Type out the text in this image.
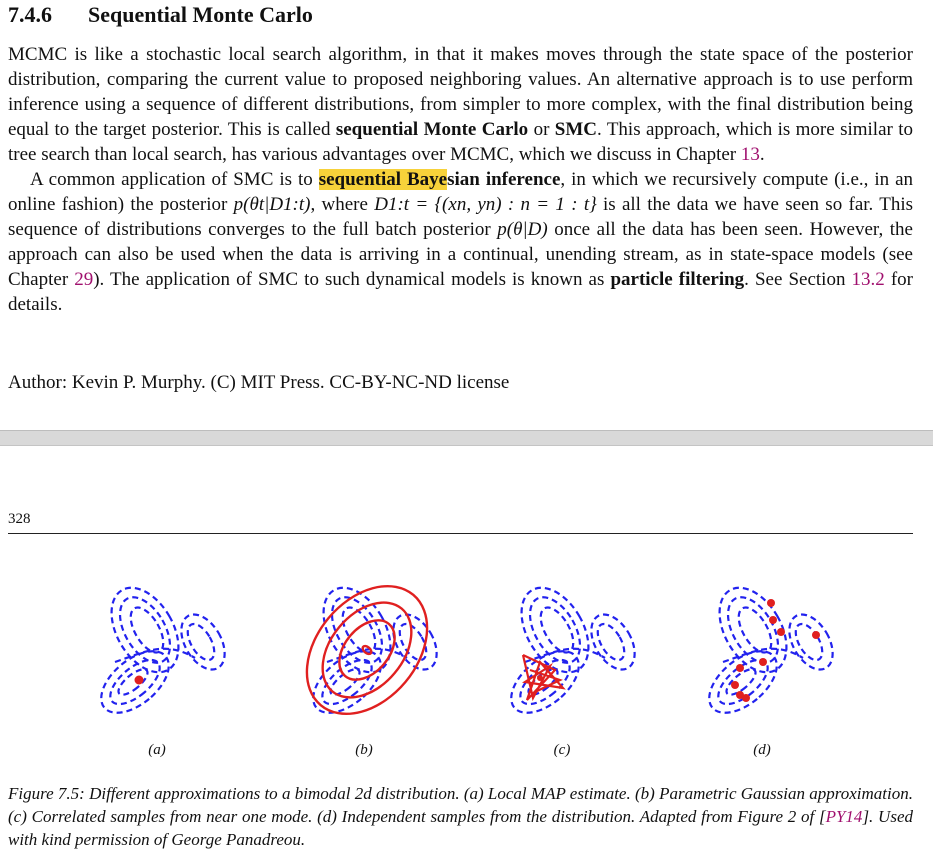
7.4.6 Sequential Monte Carlo

MCMC is like a stochastic local search algorithm, in that it makes moves through the state space of the posterior distribution, comparing the current value to proposed neighboring values. An alternative approach is to use perform inference using a sequence of different distributions, from simpler to more complex, with the final distribution being equal to the target posterior. This is called sequential Monte Carlo or SMC. This approach, which is more similar to tree search than local search, has various advantages over MCMC, which we discuss in Chapter 13.

A common application of SMC is to sequential Bayesian inference, in which we recursively compute (i.e., in an online fashion) the posterior p(θt|D1:t), where D1:t = {(xn, yn) : n = 1 : t} is all the data we have seen so far. This sequence of distributions converges to the full batch posterior p(θ|D) once all the data has been seen. However, the approach can also be used when the data is arriving in a continual, unending stream, as in state-space models (see Chapter 29). The application of SMC to such dynamical models is known as particle filtering. See Section 13.2 for details.

Author: Kevin P. Murphy. (C) MIT Press. CC-BY-NC-ND license
328
(a)	(b)	(c)	(d)
Figure 7.5: Different approximations to a bimodal 2d distribution. (a) Local MAP estimate. (b) Parametric Gaussian approximation. (c) Correlated samples from near one mode. (d) Independent samples from the distribution. Adapted from Figure 2 of [PY14]. Used with kind permission of George Panadreou.
